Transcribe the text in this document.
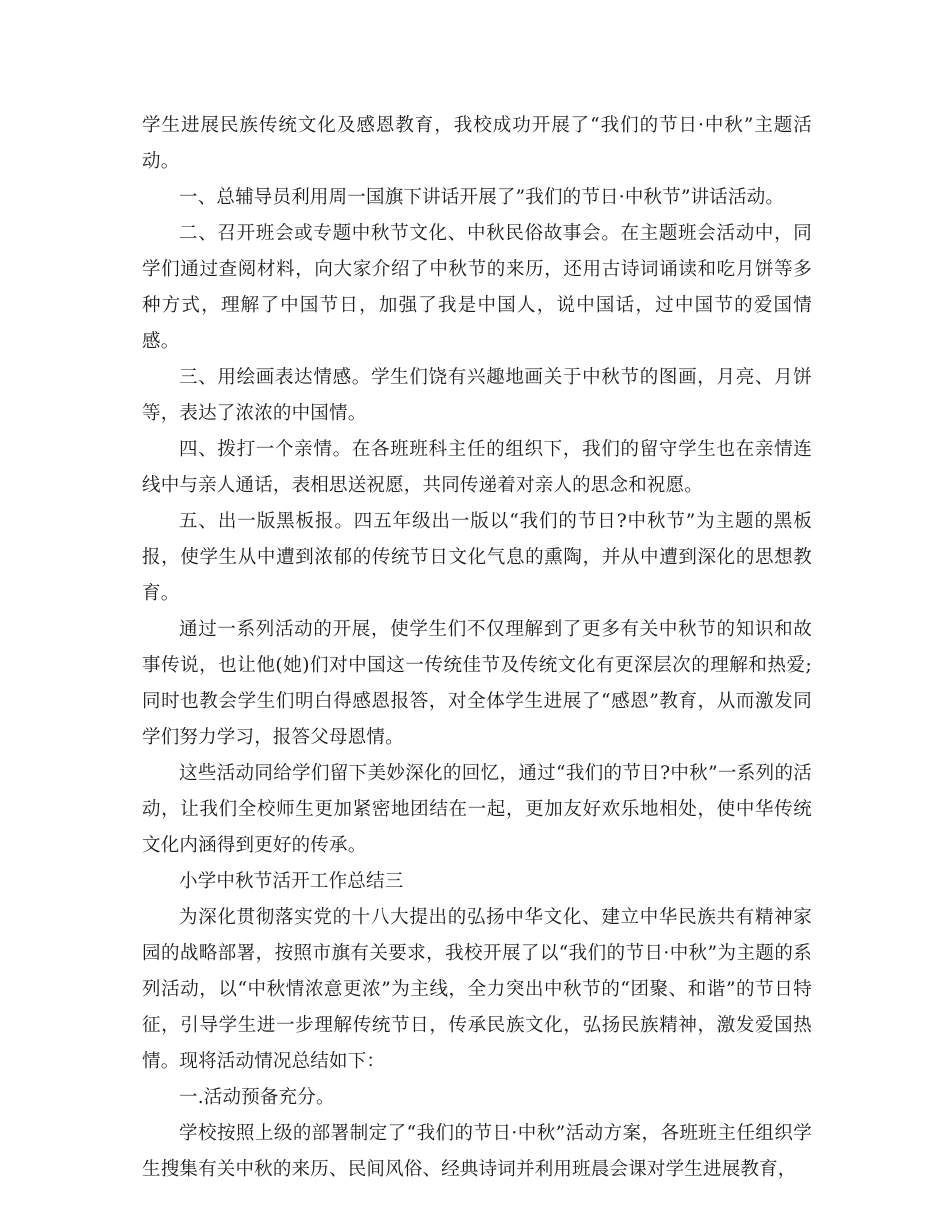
学生进展民族传统文化及感恩教育，我校成功开展了“我们的节日·中秋”主题活动。

一、总辅导员利用周一国旗下讲话开展了”我们的节日·中秋节”讲话活动。

二、召开班会或专题中秋节文化、中秋民俗故事会。在主题班会活动中，同学们通过查阅材料，向大家介绍了中秋节的来历，还用古诗词诵读和吃月饼等多种方式，理解了中国节日，加强了我是中国人，说中国话，过中国节的爱国情感。

三、用绘画表达情感。学生们饶有兴趣地画关于中秋节的图画，月亮、月饼等，表达了浓浓的中国情。

四、拨打一个亲情。在各班班科主任的组织下，我们的留守学生也在亲情连线中与亲人通话，表相思送祝愿，共同传递着对亲人的思念和祝愿。

五、出一版黑板报。四五年级出一版以“我们的节日?中秋节”为主题的黑板报，使学生从中遭到浓郁的传统节日文化气息的熏陶，并从中遭到深化的思想教育。

通过一系列活动的开展，使学生们不仅理解到了更多有关中秋节的知识和故事传说，也让他(她)们对中国这一传统佳节及传统文化有更深层次的理解和热爱;同时也教会学生们明白得感恩报答，对全体学生进展了“感恩”教育，从而激发同学们努力学习，报答父母恩情。

这些活动同给学们留下美妙深化的回忆，通过“我们的节日?中秋”一系列的活动，让我们全校师生更加紧密地团结在一起，更加友好欢乐地相处，使中华传统文化内涵得到更好的传承。

小学中秋节活开工作总结三

为深化贯彻落实党的十八大提出的弘扬中华文化、建立中华民族共有精神家园的战略部署，按照市旗有关要求，我校开展了以“我们的节日·中秋”为主题的系列活动，以“中秋情浓意更浓”为主线，全力突出中秋节的“团聚、和谐”的节日特征，引导学生进一步理解传统节日，传承民族文化，弘扬民族精神，激发爱国热情。现将活动情况总结如下：

一.活动预备充分。

学校按照上级的部署制定了“我们的节日·中秋”活动方案，各班班主任组织学生搜集有关中秋的来历、民间风俗、经典诗词并利用班晨会课对学生进展教育，
